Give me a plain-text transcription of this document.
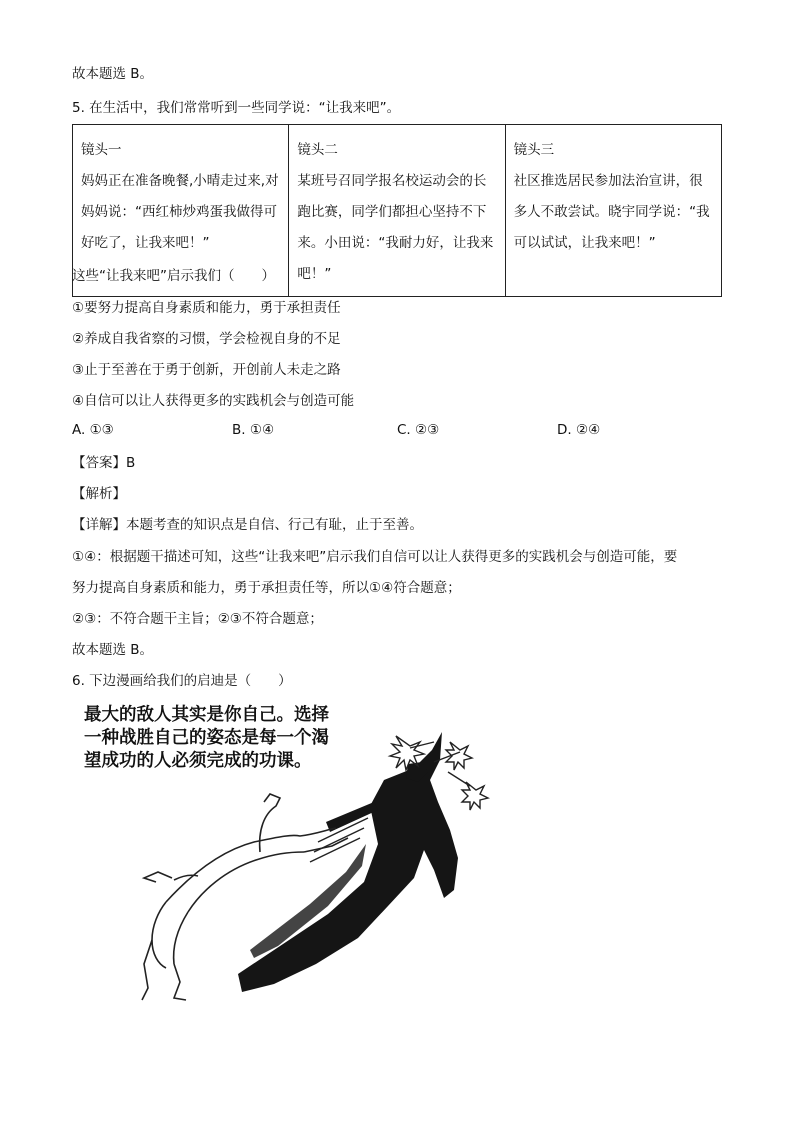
故本题选 B。
5. 在生活中，我们常常听到一些同学说：“让我来吧”。
镜头一
妈妈正在准备晚餐,小晴走过来,对妈妈说：“西红柿炒鸡蛋我做得可好吃了，让我来吧！”

镜头二
某班号召同学报名校运动会的长跑比赛，同学们都担心坚持不下来。小田说：“我耐力好，让我来吧！”

镜头三
社区推选居民参加法治宣讲，很多人不敢尝试。晓宇同学说：“我可以试试，让我来吧！”
这些“让我来吧”启示我们（　　）
①要努力提高自身素质和能力，勇于承担责任
②养成自我省察的习惯，学会检视自身的不足
③止于至善在于勇于创新，开创前人未走之路
④自信可以让人获得更多的实践机会与创造可能
A. ①③	B. ①④	C. ②③	D. ②④
【答案】B
【解析】
【详解】本题考查的知识点是自信、行己有耻，止于至善。
①④：根据题干描述可知，这些“让我来吧”启示我们自信可以让人获得更多的实践机会与创造可能，要
努力提高自身素质和能力，勇于承担责任等，所以①④符合题意；
②③：不符合题干主旨；②③不符合题意；
故本题选 B。
6. 下边漫画给我们的启迪是（　　）
最大的敌人其实是你自己。选择一种战胜自己的姿态是每一个渴望成功的人必须完成的功课。
